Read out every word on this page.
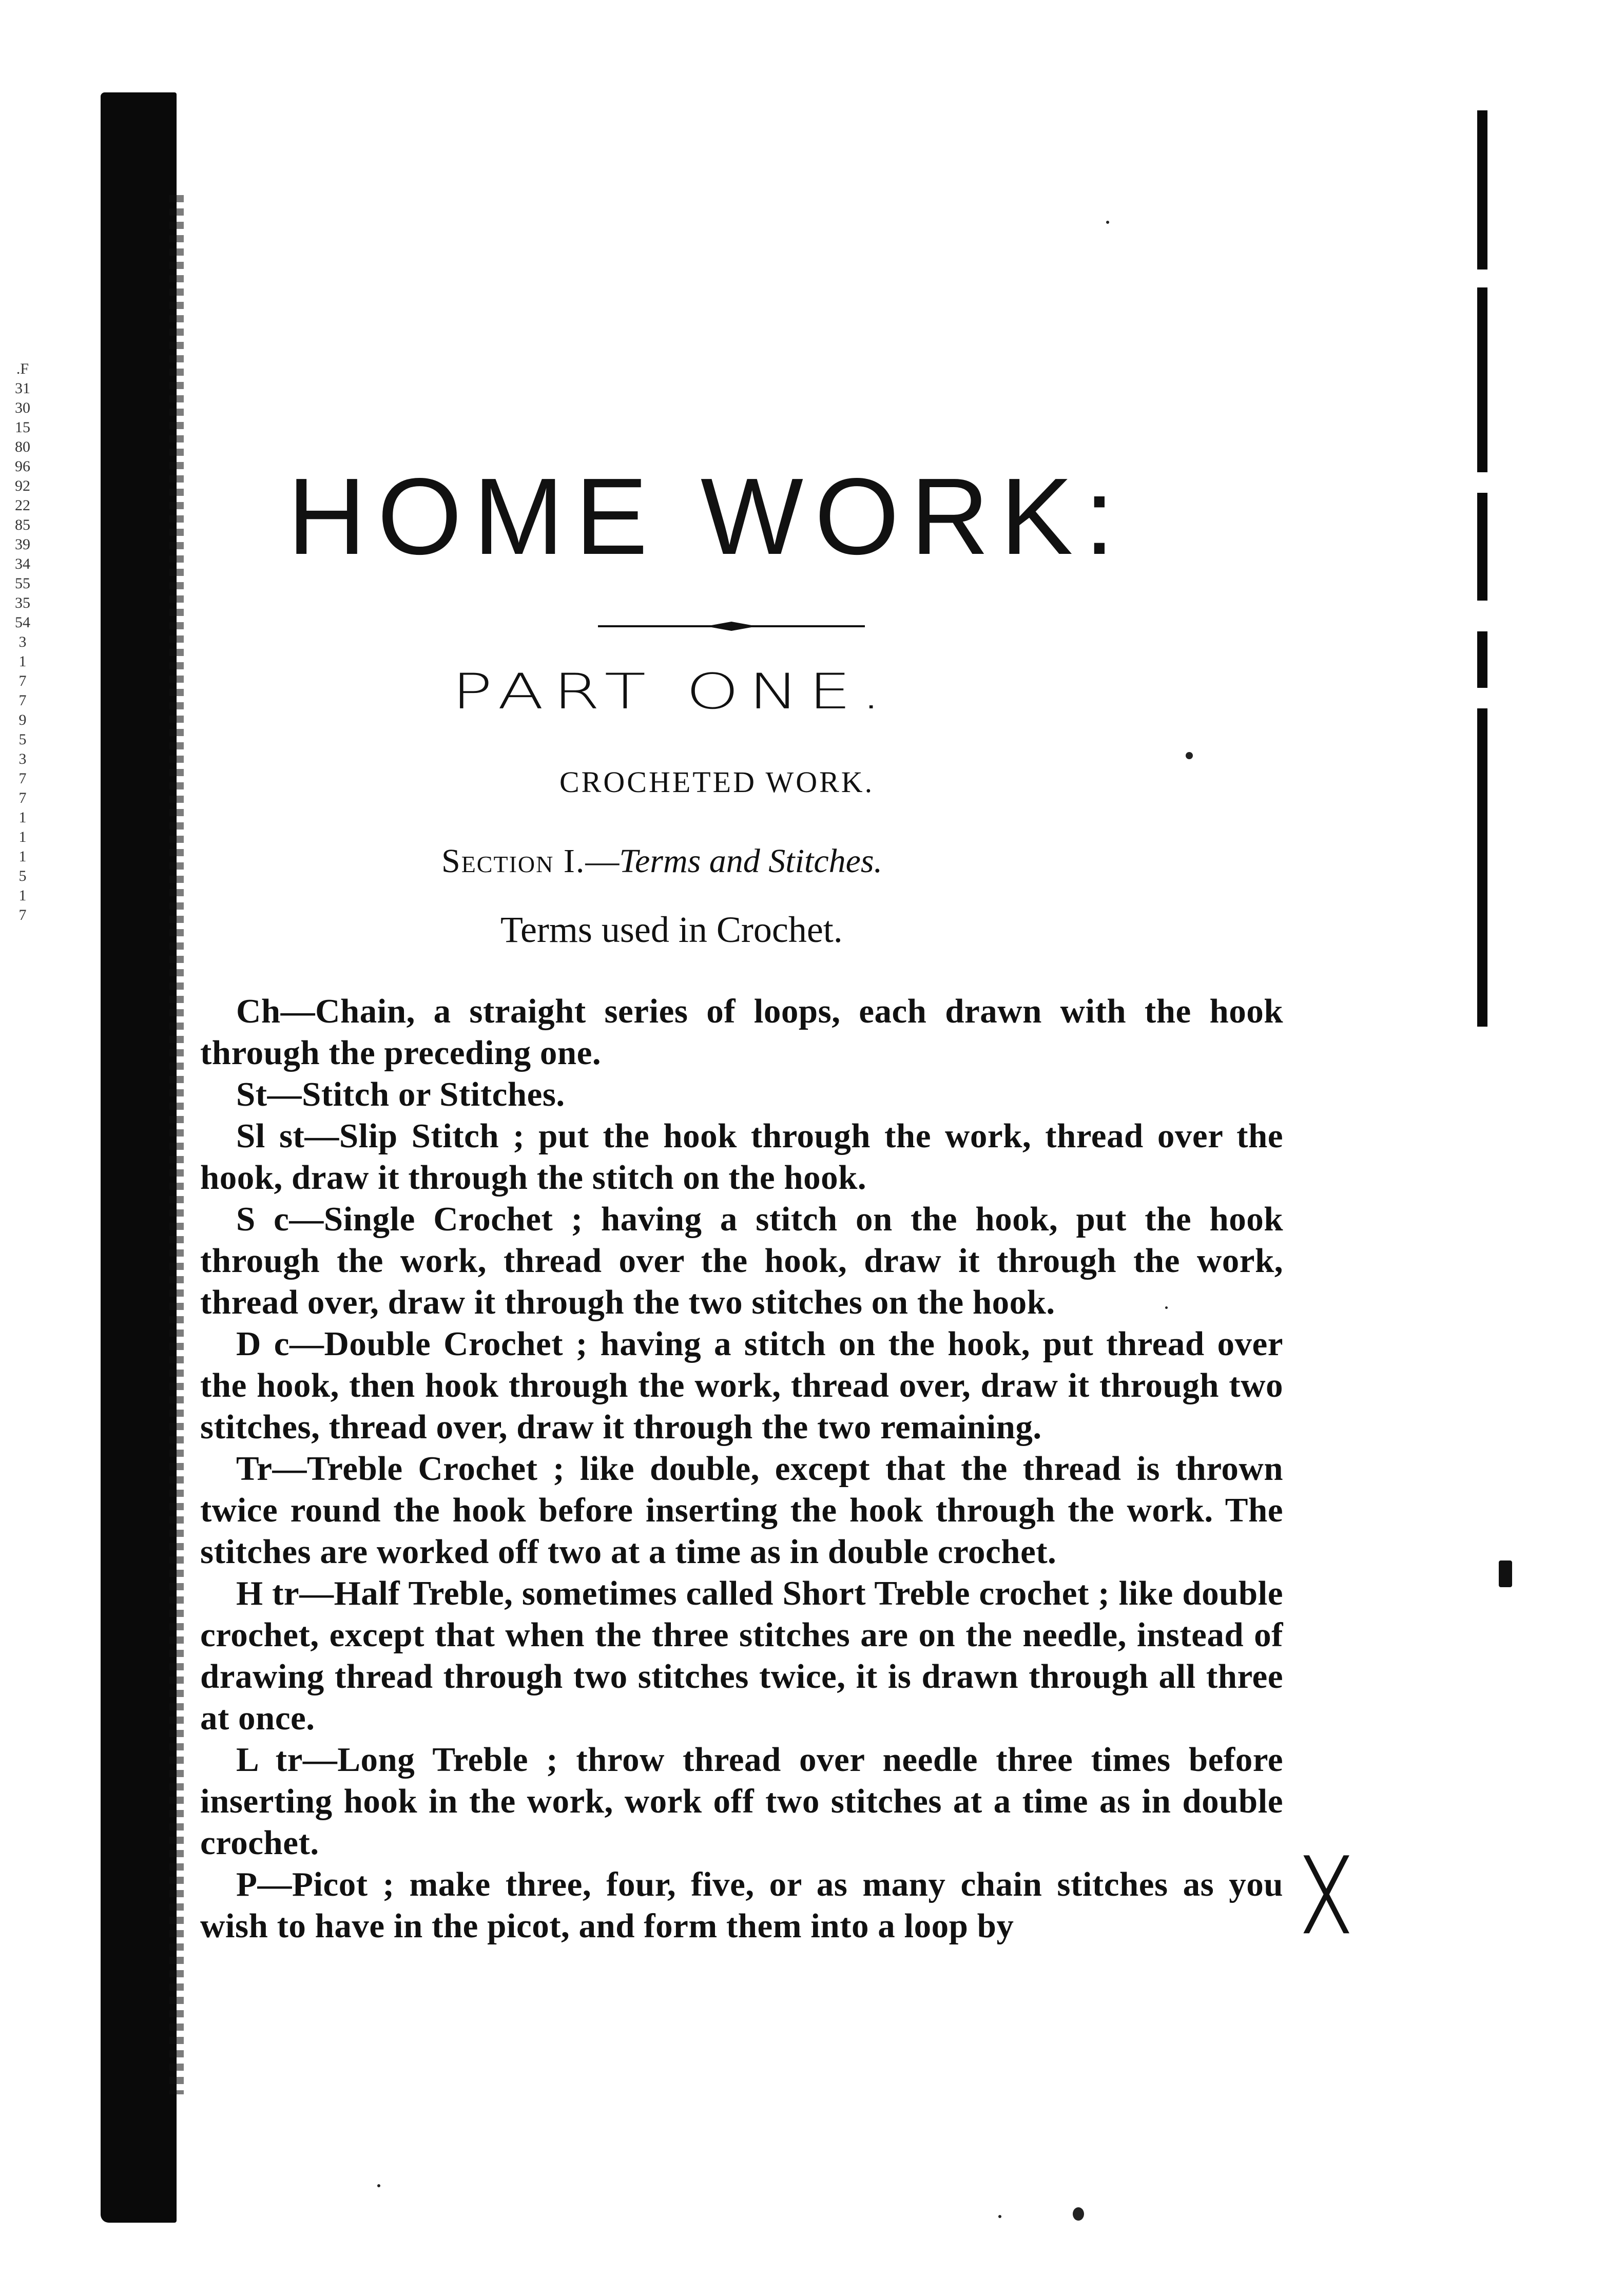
╳
.F
31
30
15
80
96
92
22
85
39
34
55
35
54
3
1
7
7
9
5
3
7
7
1
1
1
5
1
7
HOME WORK:
PART ONE.
CROCHETED WORK.
Section I.—Terms and Stitches.
Terms used in Crochet.

Ch—Chain, a straight series of loops, each drawn with the hook through the preceding one.

St—Stitch or Stitches.

Sl st—Slip Stitch ; put the hook through the work, thread over the hook, draw it through the stitch on the hook.

S c—Single Crochet ; having a stitch on the hook, put the hook through the work, thread over the hook, draw it through the work, thread over, draw it through the two stitches on the hook.

D c—Double Crochet ; having a stitch on the hook, put thread over the hook, then hook through the work, thread over, draw it through two stitches, thread over, draw it through the two remaining.

Tr—Treble Crochet ; like double, except that the thread is thrown twice round the hook before inserting the hook through the work. The stitches are worked off two at a time as in double crochet.

H tr—Half Treble, sometimes called Short Treble crochet ; like double crochet, except that when the three stitches are on the needle, instead of drawing thread through two stitches twice, it is drawn through all three at once.

L tr—Long Treble ; throw thread over needle three times before inserting hook in the work, work off two stitches at a time as in double crochet.

P—Picot ; make three, four, five, or as many chain stitches as you wish to have in the picot, and form them into a loop by
